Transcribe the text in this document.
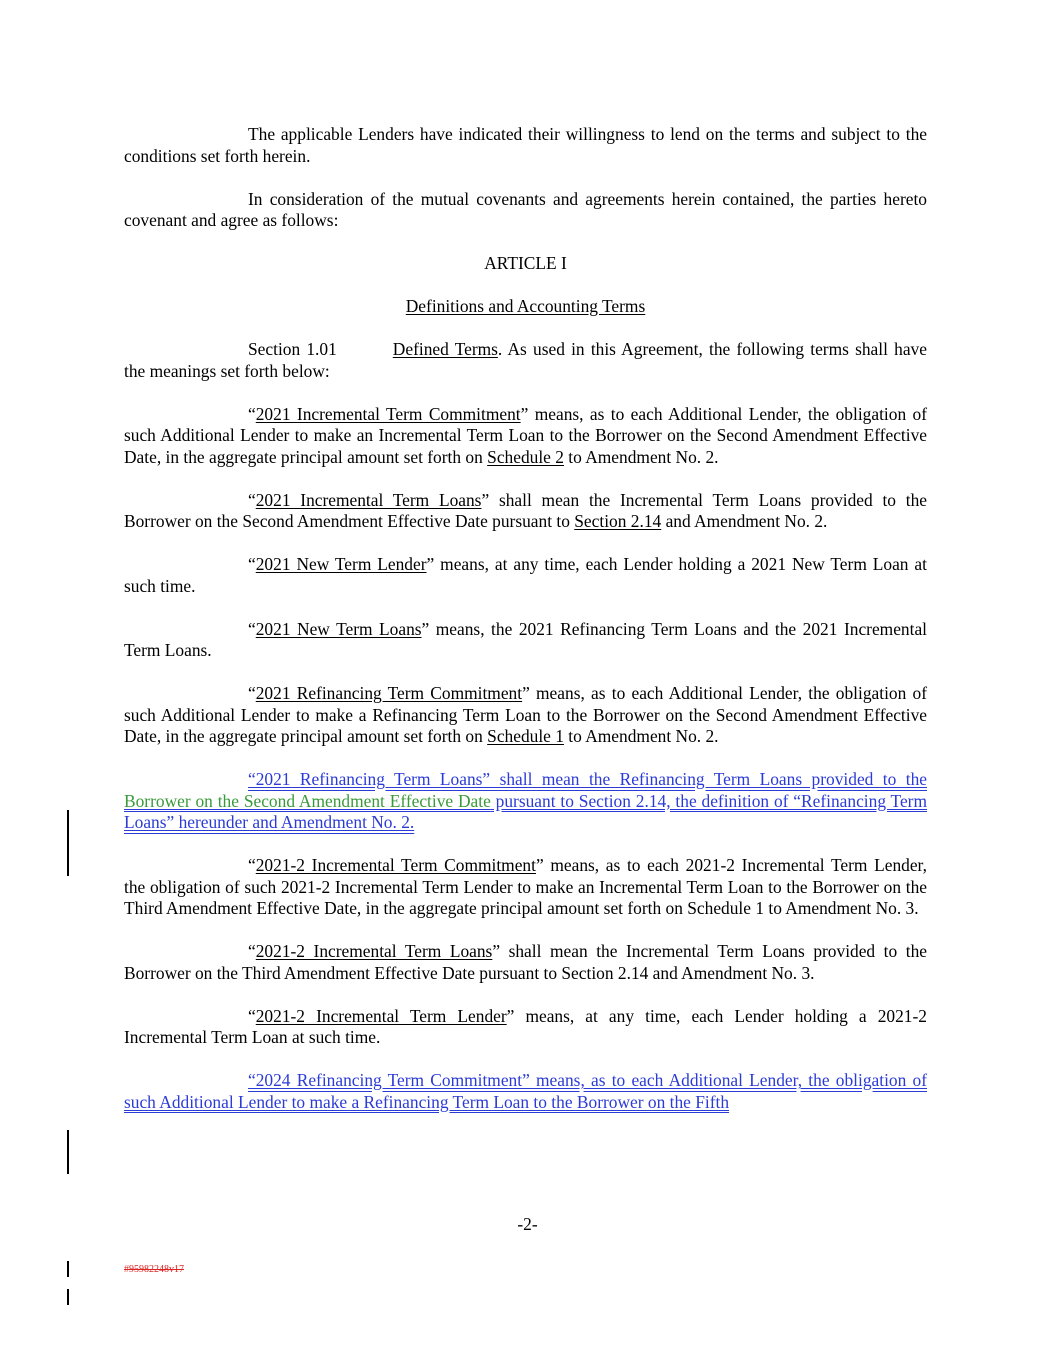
The applicable Lenders have indicated their willingness to lend on the terms and subject to the conditions set forth herein.

In consideration of the mutual covenants and agreements herein contained, the parties hereto covenant and agree as follows:

ARTICLE I

Definitions and Accounting Terms

Section 1.01	Defined Terms. As used in this Agreement, the following terms shall have the meanings set forth below:

“2021 Incremental Term Commitment” means, as to each Additional Lender, the obligation of such Additional Lender to make an Incremental Term Loan to the Borrower on the Second Amendment Effective Date, in the aggregate principal amount set forth on Schedule 2 to Amendment No. 2.

“2021 Incremental Term Loans” shall mean the Incremental Term Loans provided to the Borrower on the Second Amendment Effective Date pursuant to Section 2.14 and Amendment No. 2.

“2021 New Term Lender” means, at any time, each Lender holding a 2021 New Term Loan at such time.

“2021 New Term Loans” means, the 2021 Refinancing Term Loans and the 2021 Incremental Term Loans.

“2021 Refinancing Term Commitment” means, as to each Additional Lender, the obligation of such Additional Lender to make a Refinancing Term Loan to the Borrower on the Second Amendment Effective Date, in the aggregate principal amount set forth on Schedule 1 to Amendment No. 2.

“2021 Refinancing Term Loans” shall mean the Refinancing Term Loans provided to the Borrower on the Second Amendment Effective Date pursuant to Section 2.14, the definition of “Refinancing Term Loans” hereunder and Amendment No. 2.

“2021-2 Incremental Term Commitment” means, as to each 2021-2 Incremental Term Lender, the obligation of such 2021-2 Incremental Term Lender to make an Incremental Term Loan to the Borrower on the Third Amendment Effective Date, in the aggregate principal amount set forth on Schedule 1 to Amendment No. 3.

“2021-2 Incremental Term Loans” shall mean the Incremental Term Loans provided to the Borrower on the Third Amendment Effective Date pursuant to Section 2.14 and Amendment No. 3.

“2021-2 Incremental Term Lender” means, at any time, each Lender holding a 2021-2 Incremental Term Loan at such time.

“2024 Refinancing Term Commitment” means, as to each Additional Lender, the obligation of such Additional Lender to make a Refinancing Term Loan to the Borrower on the Fifth

-2-
#95982248v17
